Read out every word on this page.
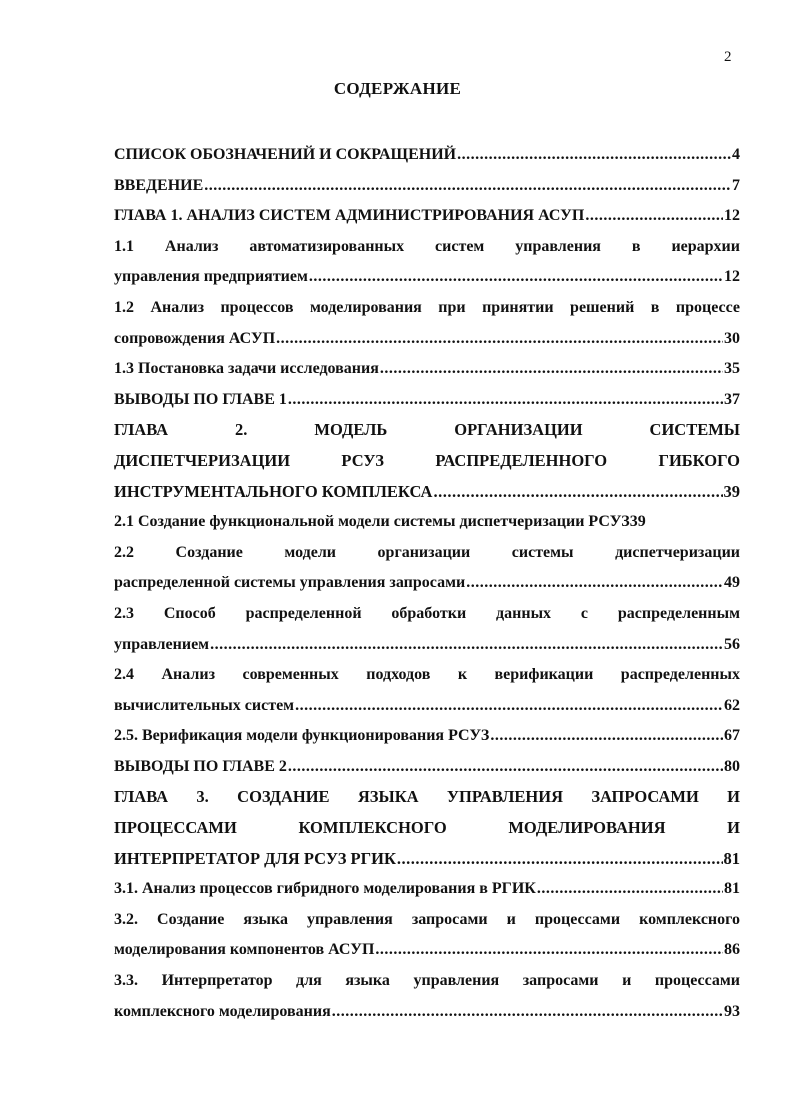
2
СОДЕРЖАНИЕ
СПИСОК ОБОЗНАЧЕНИЙ И СОКРАЩЕНИЙ .....	4
ВВЕДЕНИЕ .....	7
ГЛАВА 1. АНАЛИЗ СИСТЕМ АДМИНИСТРИРОВАНИЯ АСУП .....	12
1.1 Анализ автоматизированных систем управления в иерархии
управления предприятием .....	12
1.2 Анализ процессов моделирования при принятии решений в процессе
сопровождения АСУП .....	30
1.3 Постановка задачи исследования .....	35
ВЫВОДЫ ПО ГЛАВЕ 1 .....	37
ГЛАВА 2. МОДЕЛЬ ОРГАНИЗАЦИИ СИСТЕМЫ
ДИСПЕТЧЕРИЗАЦИИ РСУЗ РАСПРЕДЕЛЕННОГО ГИБКОГО
ИНСТРУМЕНТАЛЬНОГО КОМПЛЕКСА .....	39
2.1 Создание функциональной модели системы диспетчеризации РСУЗ 39
2.2 Создание модели организации системы диспетчеризации
распределенной системы управления запросами .....	49
2.3 Способ распределенной обработки данных с распределенным
управлением .....	56
2.4 Анализ современных подходов к верификации распределенных
вычислительных систем .....	62
2.5. Верификация модели функционирования РСУЗ .....	67
ВЫВОДЫ ПО ГЛАВЕ 2 .....	80
ГЛАВА 3. СОЗДАНИЕ ЯЗЫКА УПРАВЛЕНИЯ ЗАПРОСАМИ И
ПРОЦЕССАМИ КОМПЛЕКСНОГО МОДЕЛИРОВАНИЯ И
ИНТЕРПРЕТАТОР ДЛЯ РСУЗ РГИК .....	81
3.1. Анализ процессов гибридного моделирования в РГИК .....	81
3.2. Создание языка управления запросами и процессами комплексного
моделирования компонентов АСУП .....	86
3.3. Интерпретатор для языка управления запросами и процессами
комплексного моделирования .....	93
